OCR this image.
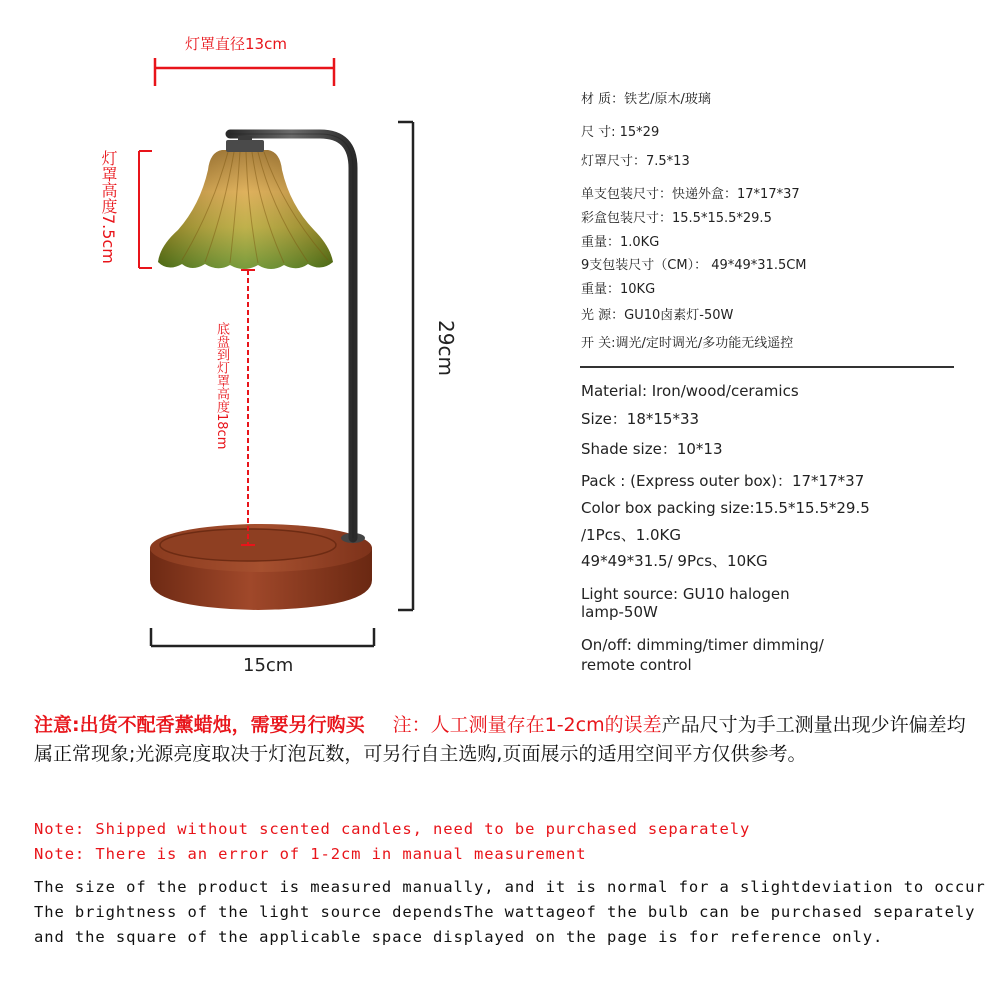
灯罩直径13cm
灯罩高度7.5cm
底盘到灯罩高度18cm	29cm
15cm
材 质：铁艺/原木/玻璃
尺 寸: 15*29
灯罩尺寸：7.5*13
单支包装尺寸：快递外盒：17*17*37
彩盒包装尺寸：15.5*15.5*29.5
重量：1.0KG
9支包装尺寸（CM）： 49*49*31.5CM
重量：10KG
光 源：GU10卤素灯-50W
开 关:调光/定时调光/多功能无线遥控
Material: Iron/wood/ceramics
Size：18*15*33
Shade size：10*13
Pack : (Express outer box)：17*17*37
Color box packing size:15.5*15.5*29.5
/1Pcs、1.0KG
49*49*31.5/ 9Pcs、10KG
Light source: GU10 halogen
lamp-50W
On/off: dimming/timer dimming/
remote control
注意:出货不配香薰蜡烛，需要另行购买 注：人工测量存在1-2cm的误差产品尺寸为手工测量出现少许偏差均属正常现象;光源亮度取决于灯泡瓦数，可另行自主选购,页面展示的适用空间平方仅供参考。
Note: Shipped without scented candles, need to be purchased separately
Note: There is an error of 1-2cm in manual measurement
The size of the product is measured manually, and it is normal for a slightdeviation to occur
The brightness of the light source dependsThe wattageof the bulb can be purchased separately
and the square of the applicable space displayed on the page is for reference only.
